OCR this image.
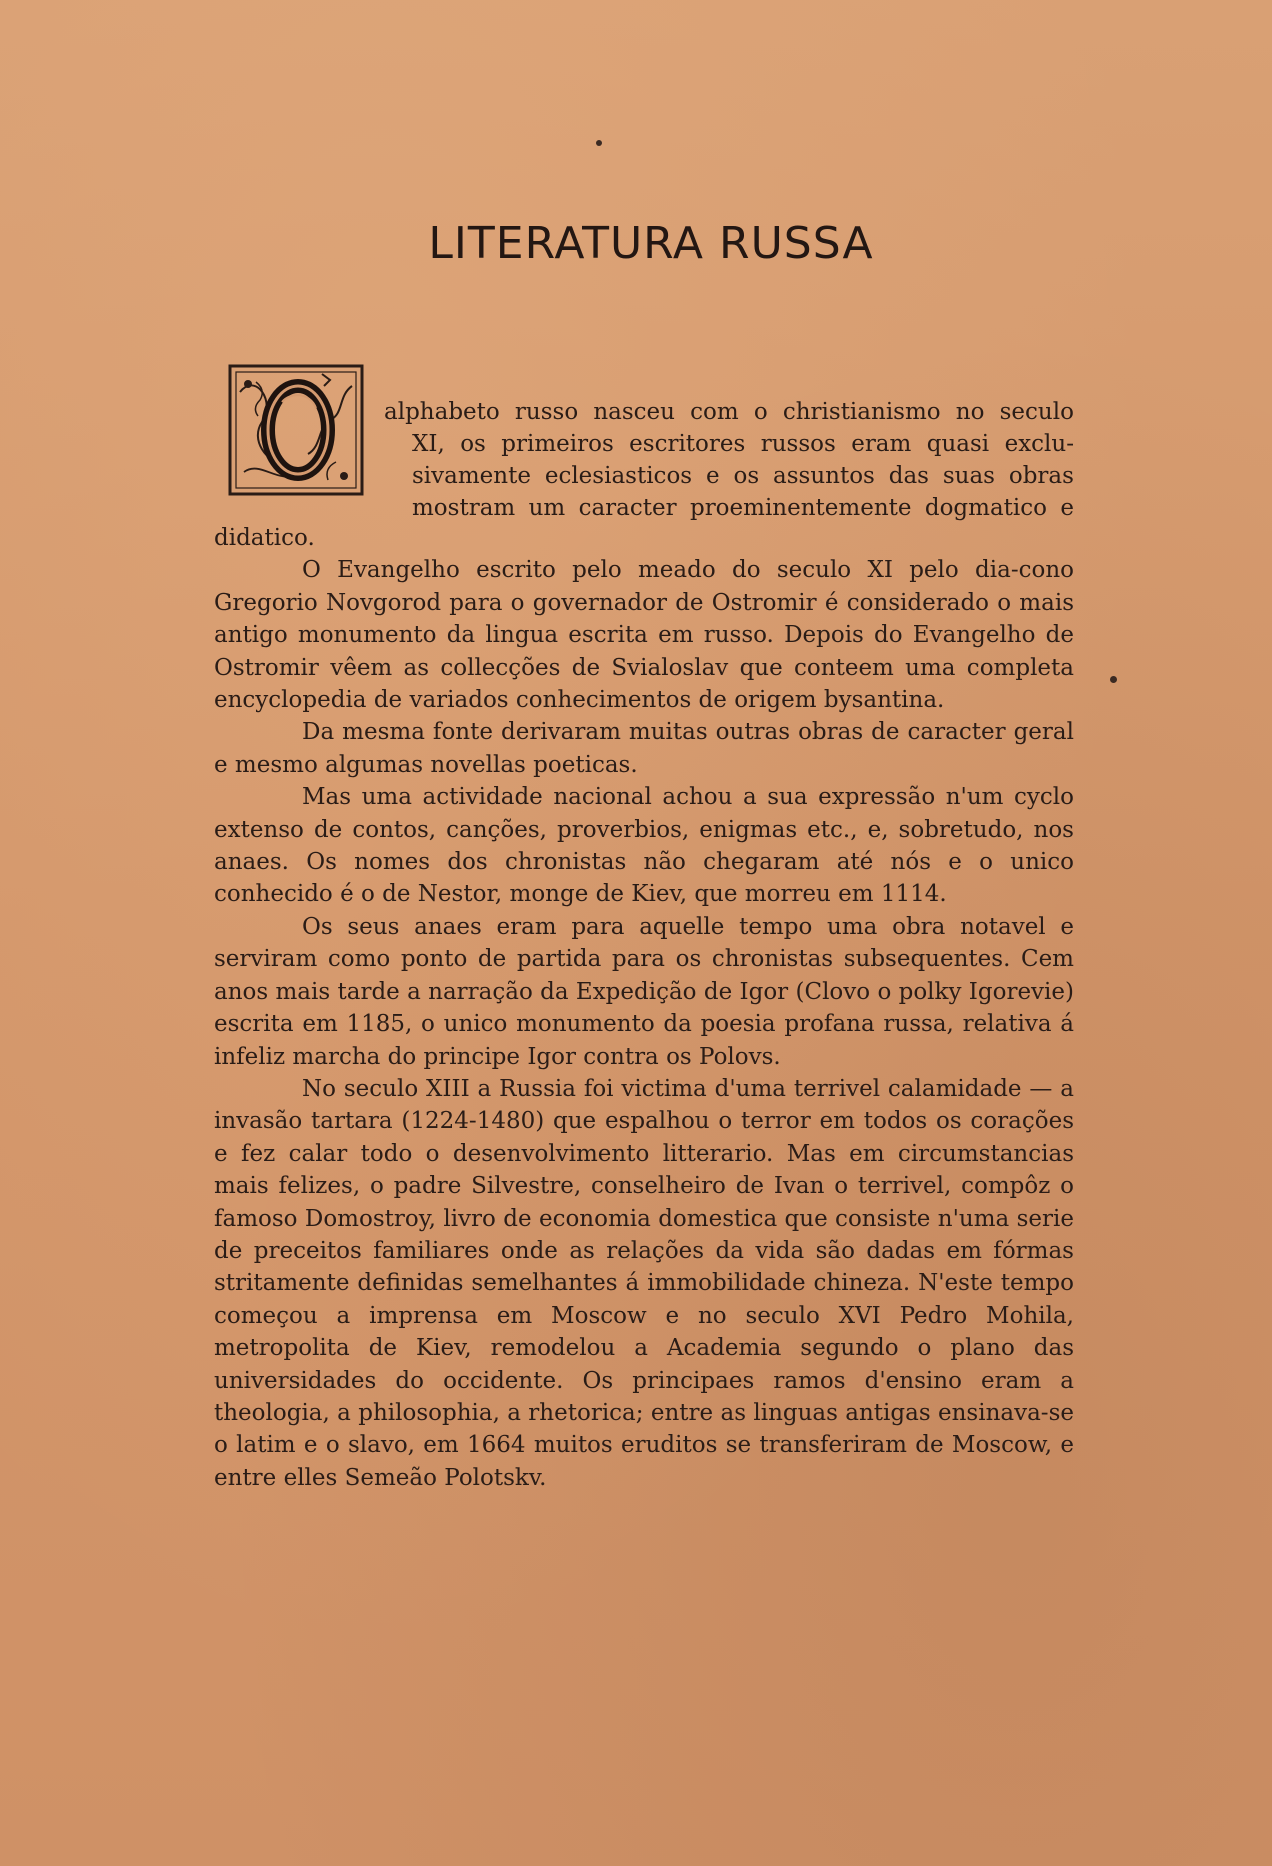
LITERATURA RUSSA
alphabeto russo nasceu com o christianismo no seculo
XI, os primeiros escritores russos eram quasi exclu-
sivamente eclesiasticos e os assuntos das suas obras
mostram um caracter proeminentemente dogmatico e

didatico.

O Evangelho escrito pelo meado do seculo XI pelo dia-cono Gregorio Novgorod para o governador de Ostromir é considerado o mais antigo monumento da lingua escrita em russo. Depois do Evangelho de Ostromir vêem as collecções de Svialoslav que conteem uma completa encyclopedia de variados conhecimentos de origem bysantina.

Da mesma fonte derivaram muitas outras obras de caracter geral e mesmo algumas novellas poeticas.

Mas uma actividade nacional achou a sua expressão n'um cyclo extenso de contos, canções, proverbios, enigmas etc., e, sobretudo, nos anaes. Os nomes dos chronistas não chegaram até nós e o unico conhecido é o de Nestor, monge de Kiev, que morreu em 1114.

Os seus anaes eram para aquelle tempo uma obra notavel e serviram como ponto de partida para os chronistas subsequentes. Cem anos mais tarde a narração da Expedição de Igor (Clovo o polky Igorevie) escrita em 1185, o unico monumento da poesia profana russa, relativa á infeliz marcha do principe Igor contra os Polovs.

No seculo XIII a Russia foi victima d'uma terrivel calamidade — a invasão tartara (1224-1480) que espalhou o terror em todos os corações e fez calar todo o desenvolvimento litterario. Mas em circumstancias mais felizes, o padre Silvestre, conselheiro de Ivan o terrivel, compôz o famoso Domostroy, livro de economia domestica que consiste n'uma serie de preceitos familiares onde as relações da vida são dadas em fórmas stritamente definidas semelhantes á immobilidade chineza. N'este tempo começou a imprensa em Moscow e no seculo XVI Pedro Mohila, metropolita de Kiev, remodelou a Academia segundo o plano das universidades do occidente. Os principaes ramos d'ensino eram a theologia, a philosophia, a rhetorica; entre as linguas antigas ensinava-se o latim e o slavo, em 1664 muitos eruditos se transferiram de Moscow, e entre elles Semeão Polotskv.
